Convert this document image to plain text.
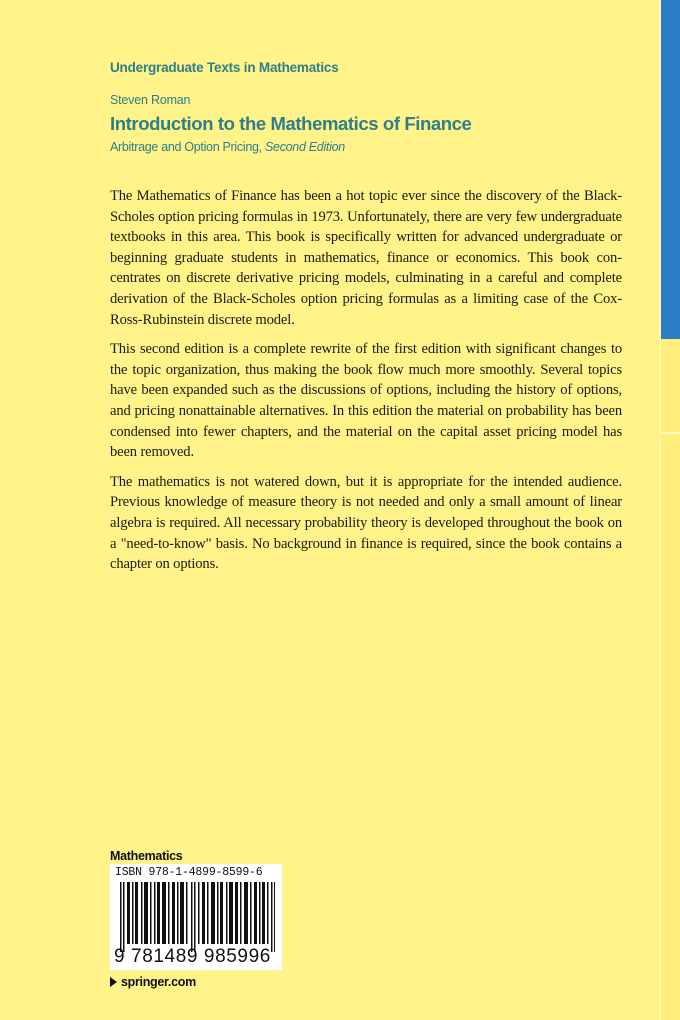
Undergraduate Texts in Mathematics
Steven Roman
Introduction to the Mathematics of Finance
Arbitrage and Option Pricing, Second Edition

The Mathematics of Finance has been a hot topic ever since the discovery of the Black-Scholes option pricing formulas in 1973. Unfortunately, there are very few undergraduate textbooks in this area. This book is specifically written for advanced undergraduate or beginning graduate students in mathematics, finance or economics. This book concentrates on discrete derivative pricing models, culminating in a careful and complete derivation of the Black-Scholes option pricing formulas as a limiting case of the Cox-Ross-Rubinstein discrete model.

This second edition is a complete rewrite of the first edition with significant changes to the topic organization, thus making the book flow much more smoothly. Several topics have been expanded such as the discussions of options, including the history of options, and pricing nonattainable alternatives. In this edition the material on probability has been condensed into fewer chapters, and the material on the capital asset pricing model has been removed.

The mathematics is not watered down, but it is appropriate for the intended audience. Previous knowledge of measure theory is not needed and only a small amount of linear algebra is required. All necessary probability theory is developed throughout the book on a "need-to-know" basis. No background in finance is required, since the book contains a chapter on options.

Mathematics
ISBN 978-1-4899-8599-6
9 781489 985996
springer.com
